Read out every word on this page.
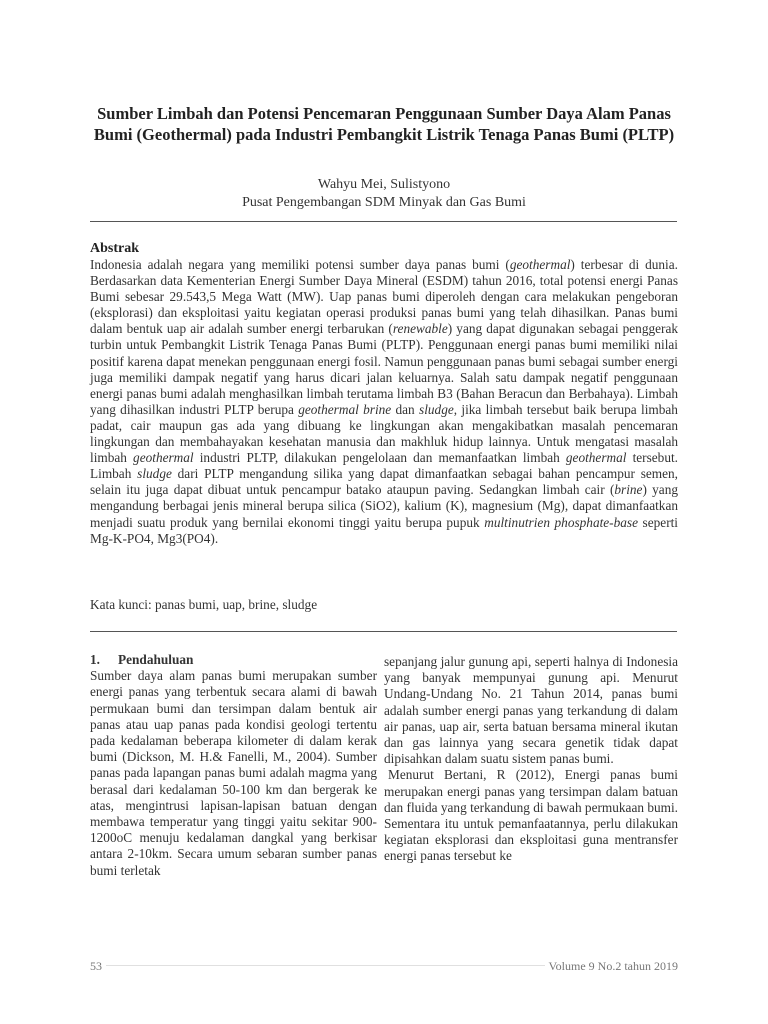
Sumber Limbah dan Potensi Pencemaran Penggunaan Sumber Daya Alam Panas Bumi (Geothermal) pada Industri Pembangkit Listrik Tenaga Panas Bumi (PLTP)
Wahyu Mei, Sulistyono
Pusat Pengembangan SDM Minyak dan Gas Bumi
Abstrak

Indonesia adalah negara yang memiliki potensi sumber daya panas bumi (geothermal) terbesar di dunia. Berdasarkan data Kementerian Energi Sumber Daya Mineral (ESDM) tahun 2016, total potensi energi Panas Bumi sebesar 29.543,5 Mega Watt (MW). Uap panas bumi diperoleh dengan cara melakukan pengeboran (eksplorasi) dan eksploitasi yaitu kegiatan operasi produksi panas bumi yang telah dihasilkan. Panas bumi dalam bentuk uap air adalah sumber energi terbarukan (renewable) yang dapat digunakan sebagai penggerak turbin untuk Pembangkit Listrik Tenaga Panas Bumi (PLTP). Penggunaan energi panas bumi memiliki nilai positif karena dapat menekan penggunaan energi fosil. Namun penggunaan panas bumi sebagai sumber energi juga memiliki dampak negatif yang harus dicari jalan keluarnya. Salah satu dampak negatif penggunaan energi panas bumi adalah menghasilkan limbah terutama limbah B3 (Bahan Beracun dan Berbahaya). Limbah yang dihasilkan industri PLTP berupa geothermal brine dan sludge, jika limbah tersebut baik berupa limbah padat, cair maupun gas ada yang dibuang ke lingkungan akan mengakibatkan masalah pencemaran lingkungan dan membahayakan kesehatan manusia dan makhluk hidup lainnya. Untuk mengatasi masalah limbah geothermal industri PLTP, dilakukan pengelolaan dan memanfaatkan limbah geothermal tersebut. Limbah sludge dari PLTP mengandung silika yang dapat dimanfaatkan sebagai bahan pencampur semen, selain itu juga dapat dibuat untuk pencampur batako ataupun paving. Sedangkan limbah cair (brine) yang mengandung berbagai jenis mineral berupa silica (SiO2), kalium (K), magnesium (Mg), dapat dimanfaatkan menjadi suatu produk yang bernilai ekonomi tinggi yaitu berupa pupuk multinutrien phosphate-base seperti Mg-K-PO4, Mg3(PO4).

Kata kunci: panas bumi, uap, brine, sludge

1. Pendahuluan

Sumber daya alam panas bumi merupakan sumber energi panas yang terbentuk secara alami di bawah permukaan bumi dan tersimpan dalam bentuk air panas atau uap panas pada kondisi geologi tertentu pada kedalaman beberapa kilometer di dalam kerak bumi (Dickson, M. H.& Fanelli, M., 2004). Sumber panas pada lapangan panas bumi adalah magma yang berasal dari kedalaman 50-100 km dan bergerak ke atas, mengintrusi lapisan-lapisan batuan dengan membawa temperatur yang tinggi yaitu sekitar 900-1200oC menuju kedalaman dangkal yang berkisar antara 2-10km. Secara umum sebaran sumber panas bumi terletak

sepanjang jalur gunung api, seperti halnya di Indonesia yang banyak mempunyai gunung api. Menurut Undang-Undang No. 21 Tahun 2014, panas bumi adalah sumber energi panas yang terkandung di dalam air panas, uap air, serta batuan bersama mineral ikutan dan gas lainnya yang secara genetik tidak dapat dipisahkan dalam suatu sistem panas bumi.

Menurut Bertani, R (2012), Energi panas bumi merupakan energi panas yang tersimpan dalam batuan dan fluida yang terkandung di bawah permukaan bumi. Sementara itu untuk pemanfaatannya, perlu dilakukan kegiatan eksplorasi dan eksploitasi guna mentransfer energi panas tersebut ke

53	Volume 9 No.2 tahun 2019
